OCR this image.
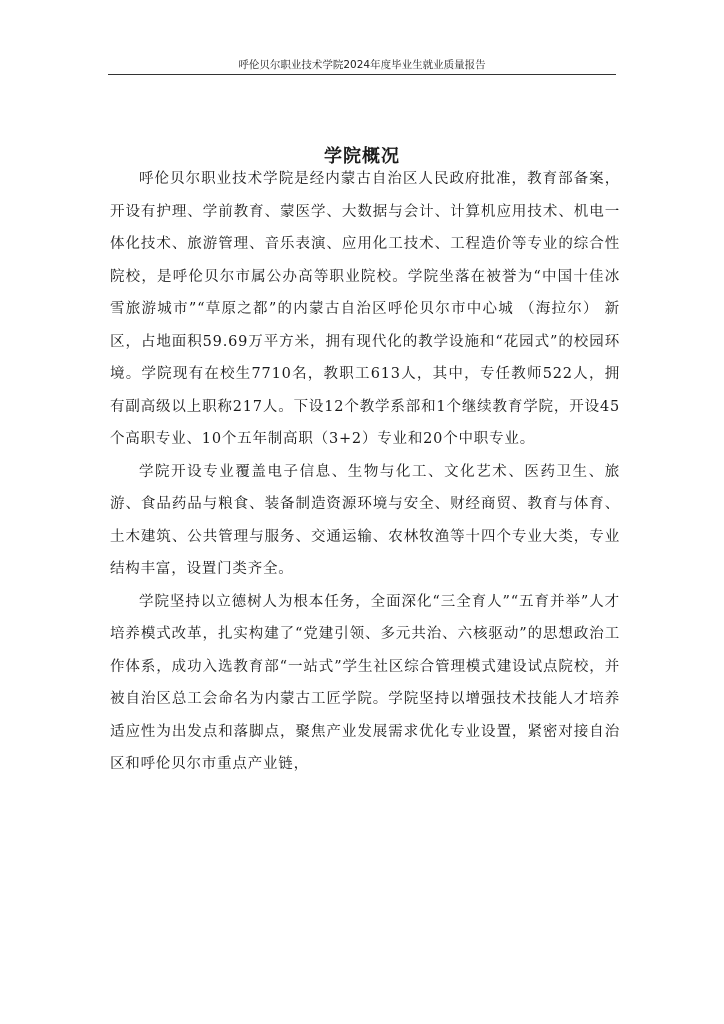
呼伦贝尔职业技术学院2024年度毕业生就业质量报告
学院概况

呼伦贝尔职业技术学院是经内蒙古自治区人民政府批准，教育部备案，开设有护理、学前教育、蒙医学、大数据与会计、计算机应用技术、机电一体化技术、旅游管理、音乐表演、应用化工技术、工程造价等专业的综合性院校，是呼伦贝尔市属公办高等职业院校。学院坐落在被誉为“中国十佳冰雪旅游城市”“草原之都”的内蒙古自治区呼伦贝尔市中心城 （海拉尔） 新区，占地面积59.69万平方米，拥有现代化的教学设施和“花园式”的校园环境。学院现有在校生7710名，教职工613人，其中，专任教师522人，拥有副高级以上职称217人。下设12个教学系部和1个继续教育学院，开设45个高职专业、10个五年制高职（3+2）专业和20个中职专业。

学院开设专业覆盖电子信息、生物与化工、文化艺术、医药卫生、旅游、食品药品与粮食、装备制造资源环境与安全、财经商贸、教育与体育、土木建筑、公共管理与服务、交通运输、农林牧渔等十四个专业大类，专业结构丰富，设置门类齐全。

学院坚持以立德树人为根本任务，全面深化“三全育人”“五育并举”人才培养模式改革，扎实构建了“党建引领、多元共治、六核驱动”的思想政治工作体系，成功入选教育部“一站式”学生社区综合管理模式建设试点院校，并被自治区总工会命名为内蒙古工匠学院。学院坚持以增强技术技能人才培养适应性为出发点和落脚点，聚焦产业发展需求优化专业设置，紧密对接自治区和呼伦贝尔市重点产业链，
